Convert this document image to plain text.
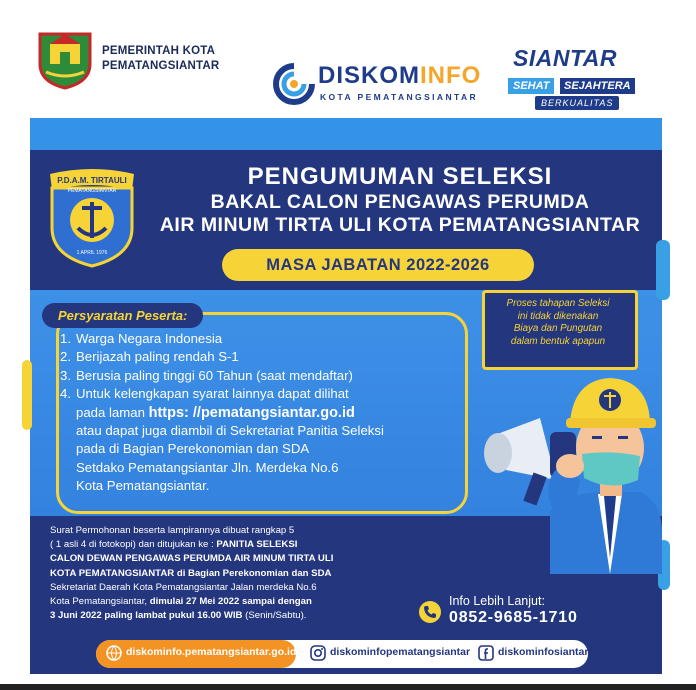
PEMERINTAH KOTA
PEMATANGSIANTAR	DISKOMINFO
KOTA PEMATANGSIANTAR
SIANTAR
SEHAT	SEJAHTERA
BERKUALITAS
P.D.A.M. TIRTAULI
PEMATANGSIANTAR
1 APRIL 1976
PENGUMUMAN SELEKSI
BAKAL CALON PENGAWAS PERUMDA
AIR MINUM TIRTA ULI KOTA PEMATANGSIANTAR
MASA JABATAN 2022-2026
Persyaratan Peserta:
1. Warga Negara Indonesia
2. Berijazah paling rendah S-1
3. Berusia paling tinggi 60 Tahun (saat mendaftar)
4. Untuk kelengkapan syarat lainnya dapat dilihat
pada laman https: //pematangsiantar.go.id
atau dapat juga diambil di Sekretariat Panitia Seleksi
pada di Bagian Perekonomian dan SDA
Setdako Pematangsiantar Jln. Merdeka No.6
Kota Pematangsiantar.
Proses tahapan Seleksi
ini tidak dikenakan
Biaya dan Pungutan
dalam bentuk apapun
Surat Permohonan beserta lampirannya dibuat rangkap 5
( 1 asli 4 di fotokopi) dan ditujukan ke : PANITIA SELEKSI
CALON DEWAN PENGAWAS PERUMDA AIR MINUM TIRTA ULI
KOTA PEMATANGSIANTAR di Bagian Perekonomian dan SDA
Sekretariat Daerah Kota Pematangsiantar Jalan merdeka No.6
Kota Pematangsiantar, dimulai 27 Mei 2022 sampai dengan
3 Juni 2022 paling lambat pukul 16.00 WIB (Senin/Sabtu).
Info Lebih Lanjut:
0852-9685-1710
diskominfo.pematangsiantar.go.id	diskominfopematangsiantar	diskominfosiantar
